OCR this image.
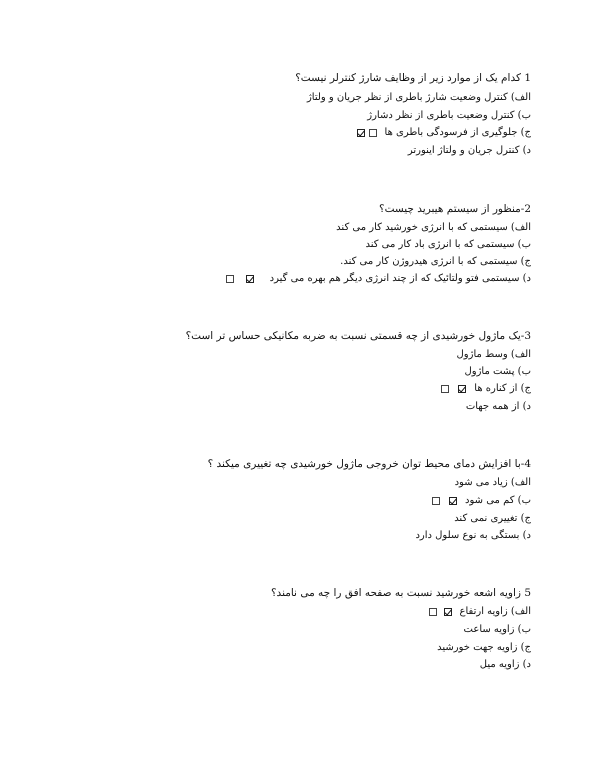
1 کدام یک از موارد زیر از وظایف شارژ کنترلر نیست؟
الف) کنترل وضعیت شارژ باطری از نظر جریان و ولتاژ
ب) کنترل وضعیت باطری از نظر دشارژ
ج) جلوگیری از فرسودگی باطری ها
د) کنترل جریان و ولتاژ اینورتر
2-منظور از سیستم هیبرید چیست؟
الف) سیستمی که با انرژی خورشید کار می کند
ب) سیستمی که با انرژی باد کار می کند
ج) سیستمی که با انرژی هیدروژن کار می کند.
د) سیستمی فتو ولتائیک که از چند انرژی دیگر هم بهره می گیرد
3-یک ماژول خورشیدی از چه قسمتی نسبت به ضربه مکانیکی حساس تر است؟
الف) وسط ماژول
ب) پشت ماژول
ج) از کناره ها
د) از همه جهات
4-با افزایش دمای محیط توان خروجی ماژول خورشیدی چه تغییری میکند ؟
الف) زیاد می شود
ب) کم می شود
ج) تغییری نمی کند
د) بستگی به نوع سلول دارد
5 زاویه اشعه خورشید نسبت به صفحه افق را چه می نامند؟
الف) زاویه ارتفاع
ب) زاویه ساعت
ج) زاویه جهت خورشید
د) زاویه میل
